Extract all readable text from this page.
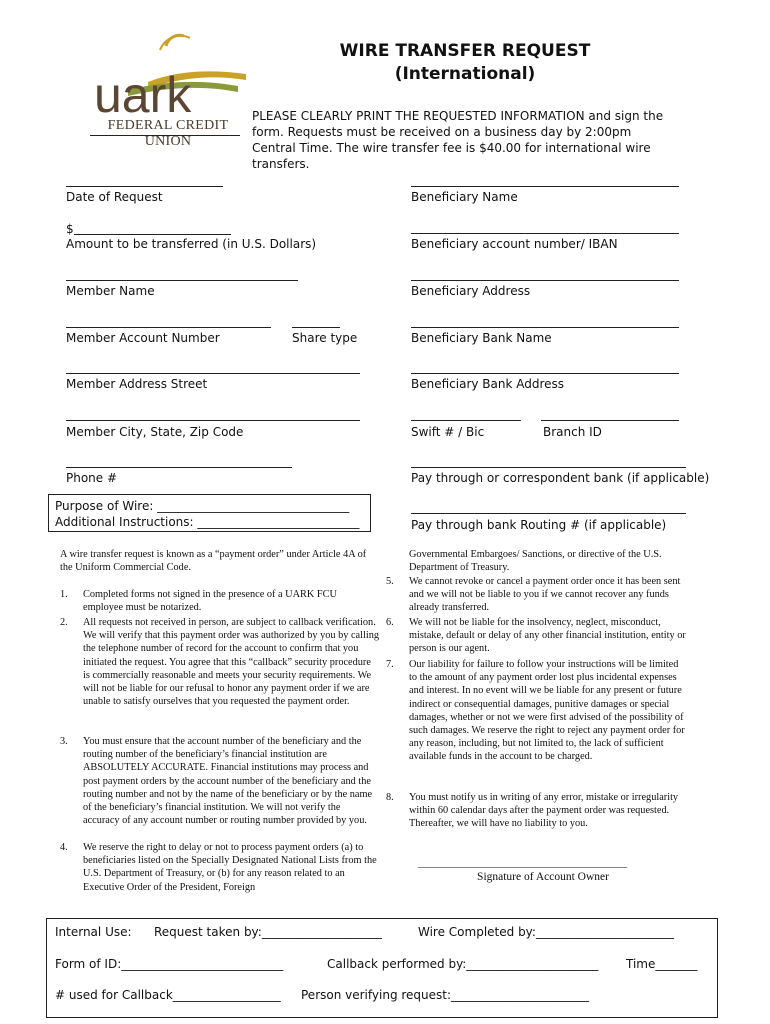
uark
FEDERAL CREDIT UNION
WIRE TRANSFER REQUEST
(International)
PLEASE CLEARLY PRINT THE REQUESTED INFORMATION and sign the form. Requests must be received on a business day by 2:00pm Central Time. The wire transfer fee is $40.00 for international wire transfers.
Date of Request
$
Amount to be transferred (in U.S. Dollars)
Member Name
Member Account Number	Share type
Member Address Street
Member City, State, Zip Code
Phone #
Beneficiary Name
Beneficiary account number/ IBAN
Beneficiary Address
Beneficiary Bank Name
Beneficiary Bank Address
Swift # / Bic	Branch ID
Pay through or correspondent bank (if applicable)
Pay through bank Routing # (if applicable)
Purpose of Wire: ________________________________
Additional Instructions: ___________________________
A wire transfer request is known as a “payment order” under Article 4A of the Uniform Commercial Code.
1.	Completed forms not signed in the presence of a UARK FCU employee must be notarized.
2.	All requests not received in person, are subject to callback verification. We will verify that this payment order was authorized by you by calling the telephone number of record for the account to confirm that you initiated the request. You agree that this “callback” security procedure is commercially reasonable and meets your security requirements. We will not be liable for our refusal to honor any payment order if we are unable to satisfy ourselves that you requested the payment order.
3.	You must ensure that the account number of the beneficiary and the routing number of the beneficiary’s financial institution are ABSOLUTELY ACCURATE. Financial institutions may process and post payment orders by the account number of the beneficiary and the routing number and not by the name of the beneficiary or by the name of the beneficiary’s financial institution. We will not verify the accuracy of any account number or routing number provided by you.
4.	We reserve the right to delay or not to process payment orders (a) to beneficiaries listed on the Specially Designated National Lists from the U.S. Department of Treasury, or (b) for any reason related to an Executive Order of the President, Foreign
Governmental Embargoes/ Sanctions, or directive of the U.S. Department of Treasury.
5.	We cannot revoke or cancel a payment order once it has been sent and we will not be liable to you if we cannot recover any funds already transferred.
6.	We will not be liable for the insolvency, neglect, misconduct, mistake, default or delay of any other financial institution, entity or person is our agent.
7.	Our liability for failure to follow your instructions will be limited to the amount of any payment order lost plus incidental expenses and interest. In no event will we be liable for any present or future indirect or consequential damages, punitive damages or special damages, whether or not we were first advised of the possibility of such damages. We reserve the right to reject any payment order for any reason, including, but not limited to, the lack of sufficient available funds in the account to be charged.
8.	You must notify us in writing of any error, mistake or irregularity within 60 calendar days after the payment order was requested. Thereafter, we will have no liability to you.
______________________________________
Signature of Account Owner
Internal Use: Request taken by:____________________	Wire Completed by:_______________________
Form of ID:___________________________	Callback performed by:______________________ Time_______
# used for Callback__________________ Person verifying request:_______________________
